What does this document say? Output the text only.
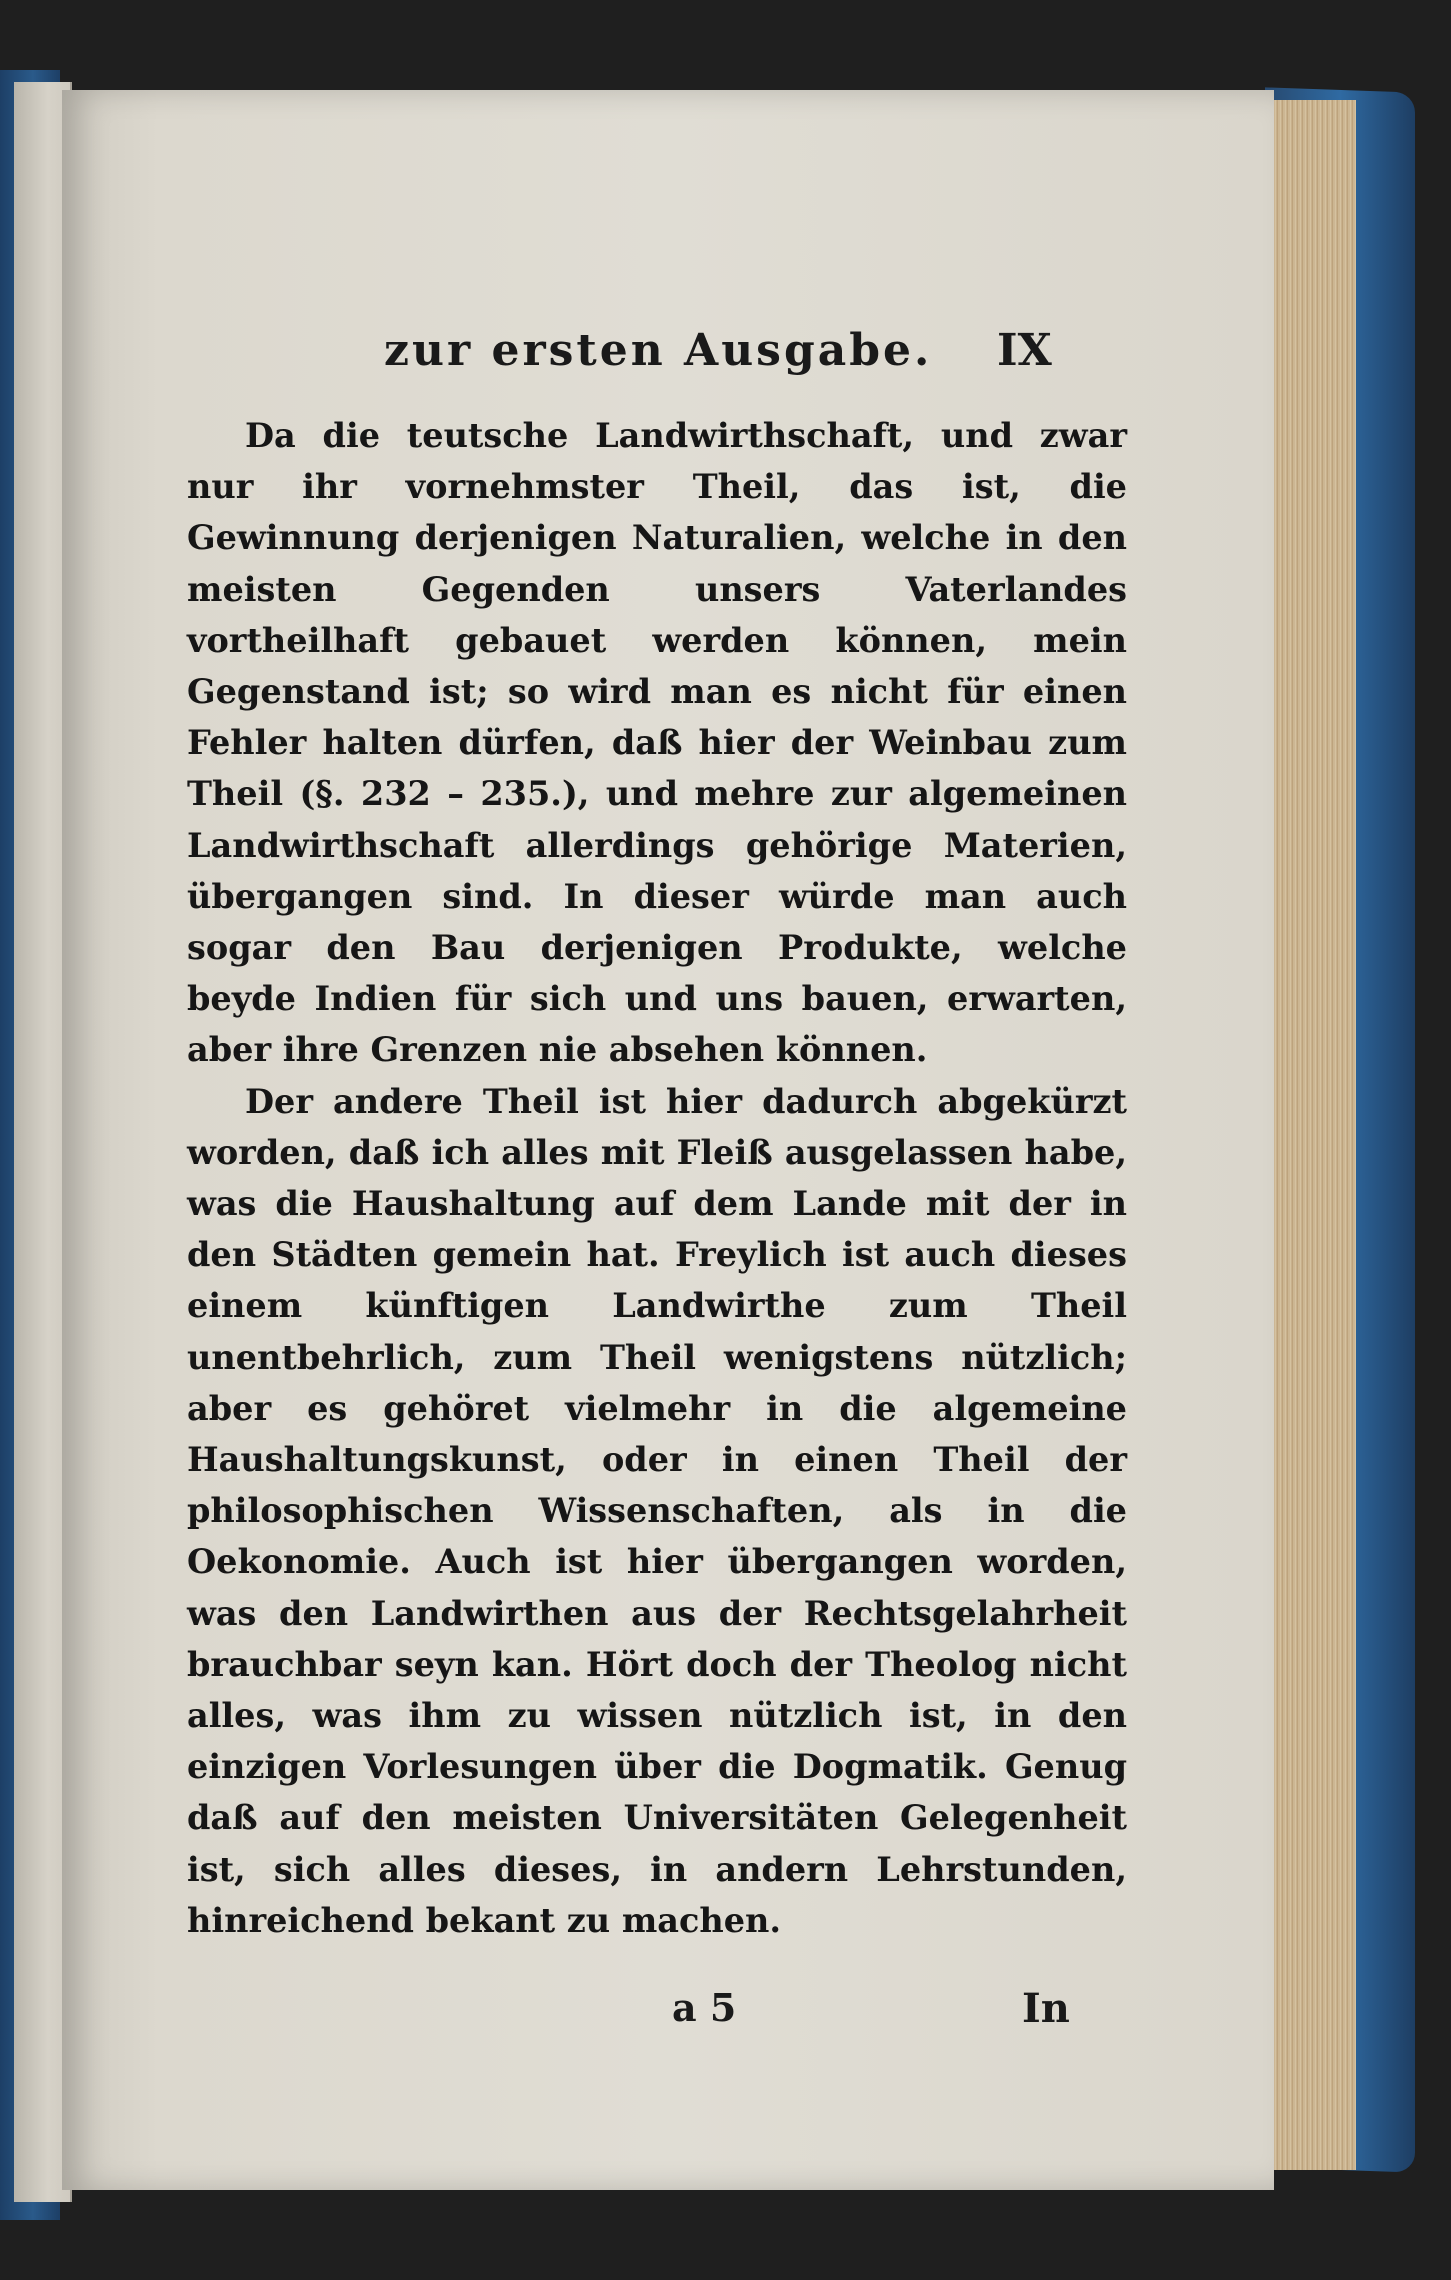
zur ersten Ausgabe. IX

Da die teutsche Landwirthschaft, und zwar nur ihr vornehmster Theil, das ist, die Gewinnung derjenigen Naturalien, welche in den meisten Gegenden unsers Vaterlandes vortheilhaft gebauet werden können, mein Gegenstand ist; so wird man es nicht für einen Fehler halten dürfen, daß hier der Weinbau zum Theil (§. 232 – 235.), und mehre zur algemeinen Landwirthschaft allerdings gehörige Materien, übergangen sind. In dieser würde man auch sogar den Bau derjenigen Produkte, welche beyde Indien für sich und uns bauen, erwarten, aber ihre Grenzen nie absehen können.

Der andere Theil ist hier dadurch abgekürzt worden, daß ich alles mit Fleiß ausgelassen habe, was die Haushaltung auf dem Lande mit der in den Städten gemein hat. Freylich ist auch dieses einem künftigen Landwirthe zum Theil unentbehrlich, zum Theil wenigstens nützlich; aber es gehöret vielmehr in die algemeine Haushaltungskunst, oder in einen Theil der philosophischen Wissenschaften, als in die Oekonomie. Auch ist hier übergangen worden, was den Landwirthen aus der Rechtsgelahrheit brauchbar seyn kan. Hört doch der Theolog nicht alles, was ihm zu wissen nützlich ist, in den einzigen Vorlesungen über die Dogmatik. Genug daß auf den meisten Universitäten Gelegenheit ist, sich alles dieses, in andern Lehrstunden, hinreichend bekant zu machen.

a 5	In
